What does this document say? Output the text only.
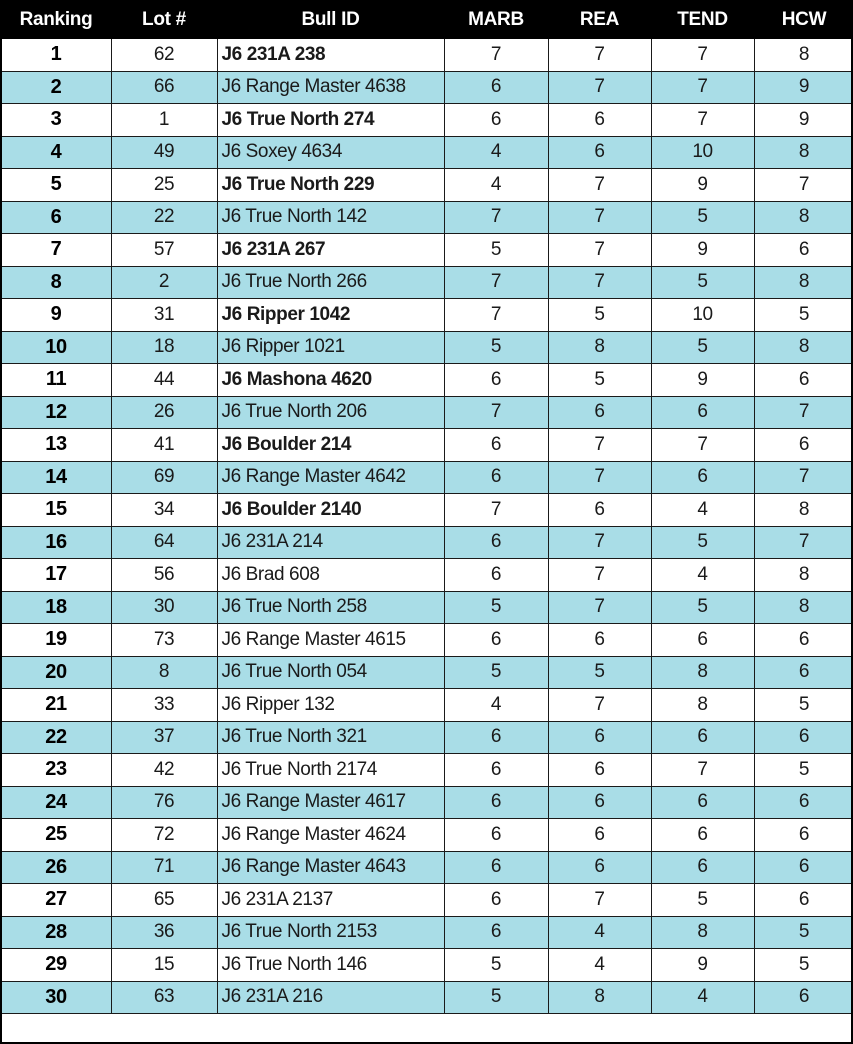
Ranking	Lot #	Bull ID	MARB	REA	TEND	HCW
1	62	J6 231A 238	7	7	7	8
2	66	J6 Range Master 4638	6	7	7	9
3	1	J6 True North 274	6	6	7	9
4	49	J6 Soxey 4634	4	6	10	8
5	25	J6 True North 229	4	7	9	7
6	22	J6 True North 142	7	7	5	8
7	57	J6 231A 267	5	7	9	6
8	2	J6 True North 266	7	7	5	8
9	31	J6 Ripper 1042	7	5	10	5
10	18	J6 Ripper 1021	5	8	5	8
11	44	J6 Mashona 4620	6	5	9	6
12	26	J6 True North 206	7	6	6	7
13	41	J6 Boulder 214	6	7	7	6
14	69	J6 Range Master 4642	6	7	6	7
15	34	J6 Boulder 2140	7	6	4	8
16	64	J6 231A 214	6	7	5	7
17	56	J6 Brad 608	6	7	4	8
18	30	J6 True North 258	5	7	5	8
19	73	J6 Range Master 4615	6	6	6	6
20	8	J6 True North 054	5	5	8	6
21	33	J6 Ripper 132	4	7	8	5
22	37	J6 True North 321	6	6	6	6
23	42	J6 True North 2174	6	6	7	5
24	76	J6 Range Master 4617	6	6	6	6
25	72	J6 Range Master 4624	6	6	6	6
26	71	J6 Range Master 4643	6	6	6	6
27	65	J6 231A 2137	6	7	5	6
28	36	J6 True North 2153	6	4	8	5
29	15	J6 True North 146	5	4	9	5
30	63	J6 231A 216	5	8	4	6
